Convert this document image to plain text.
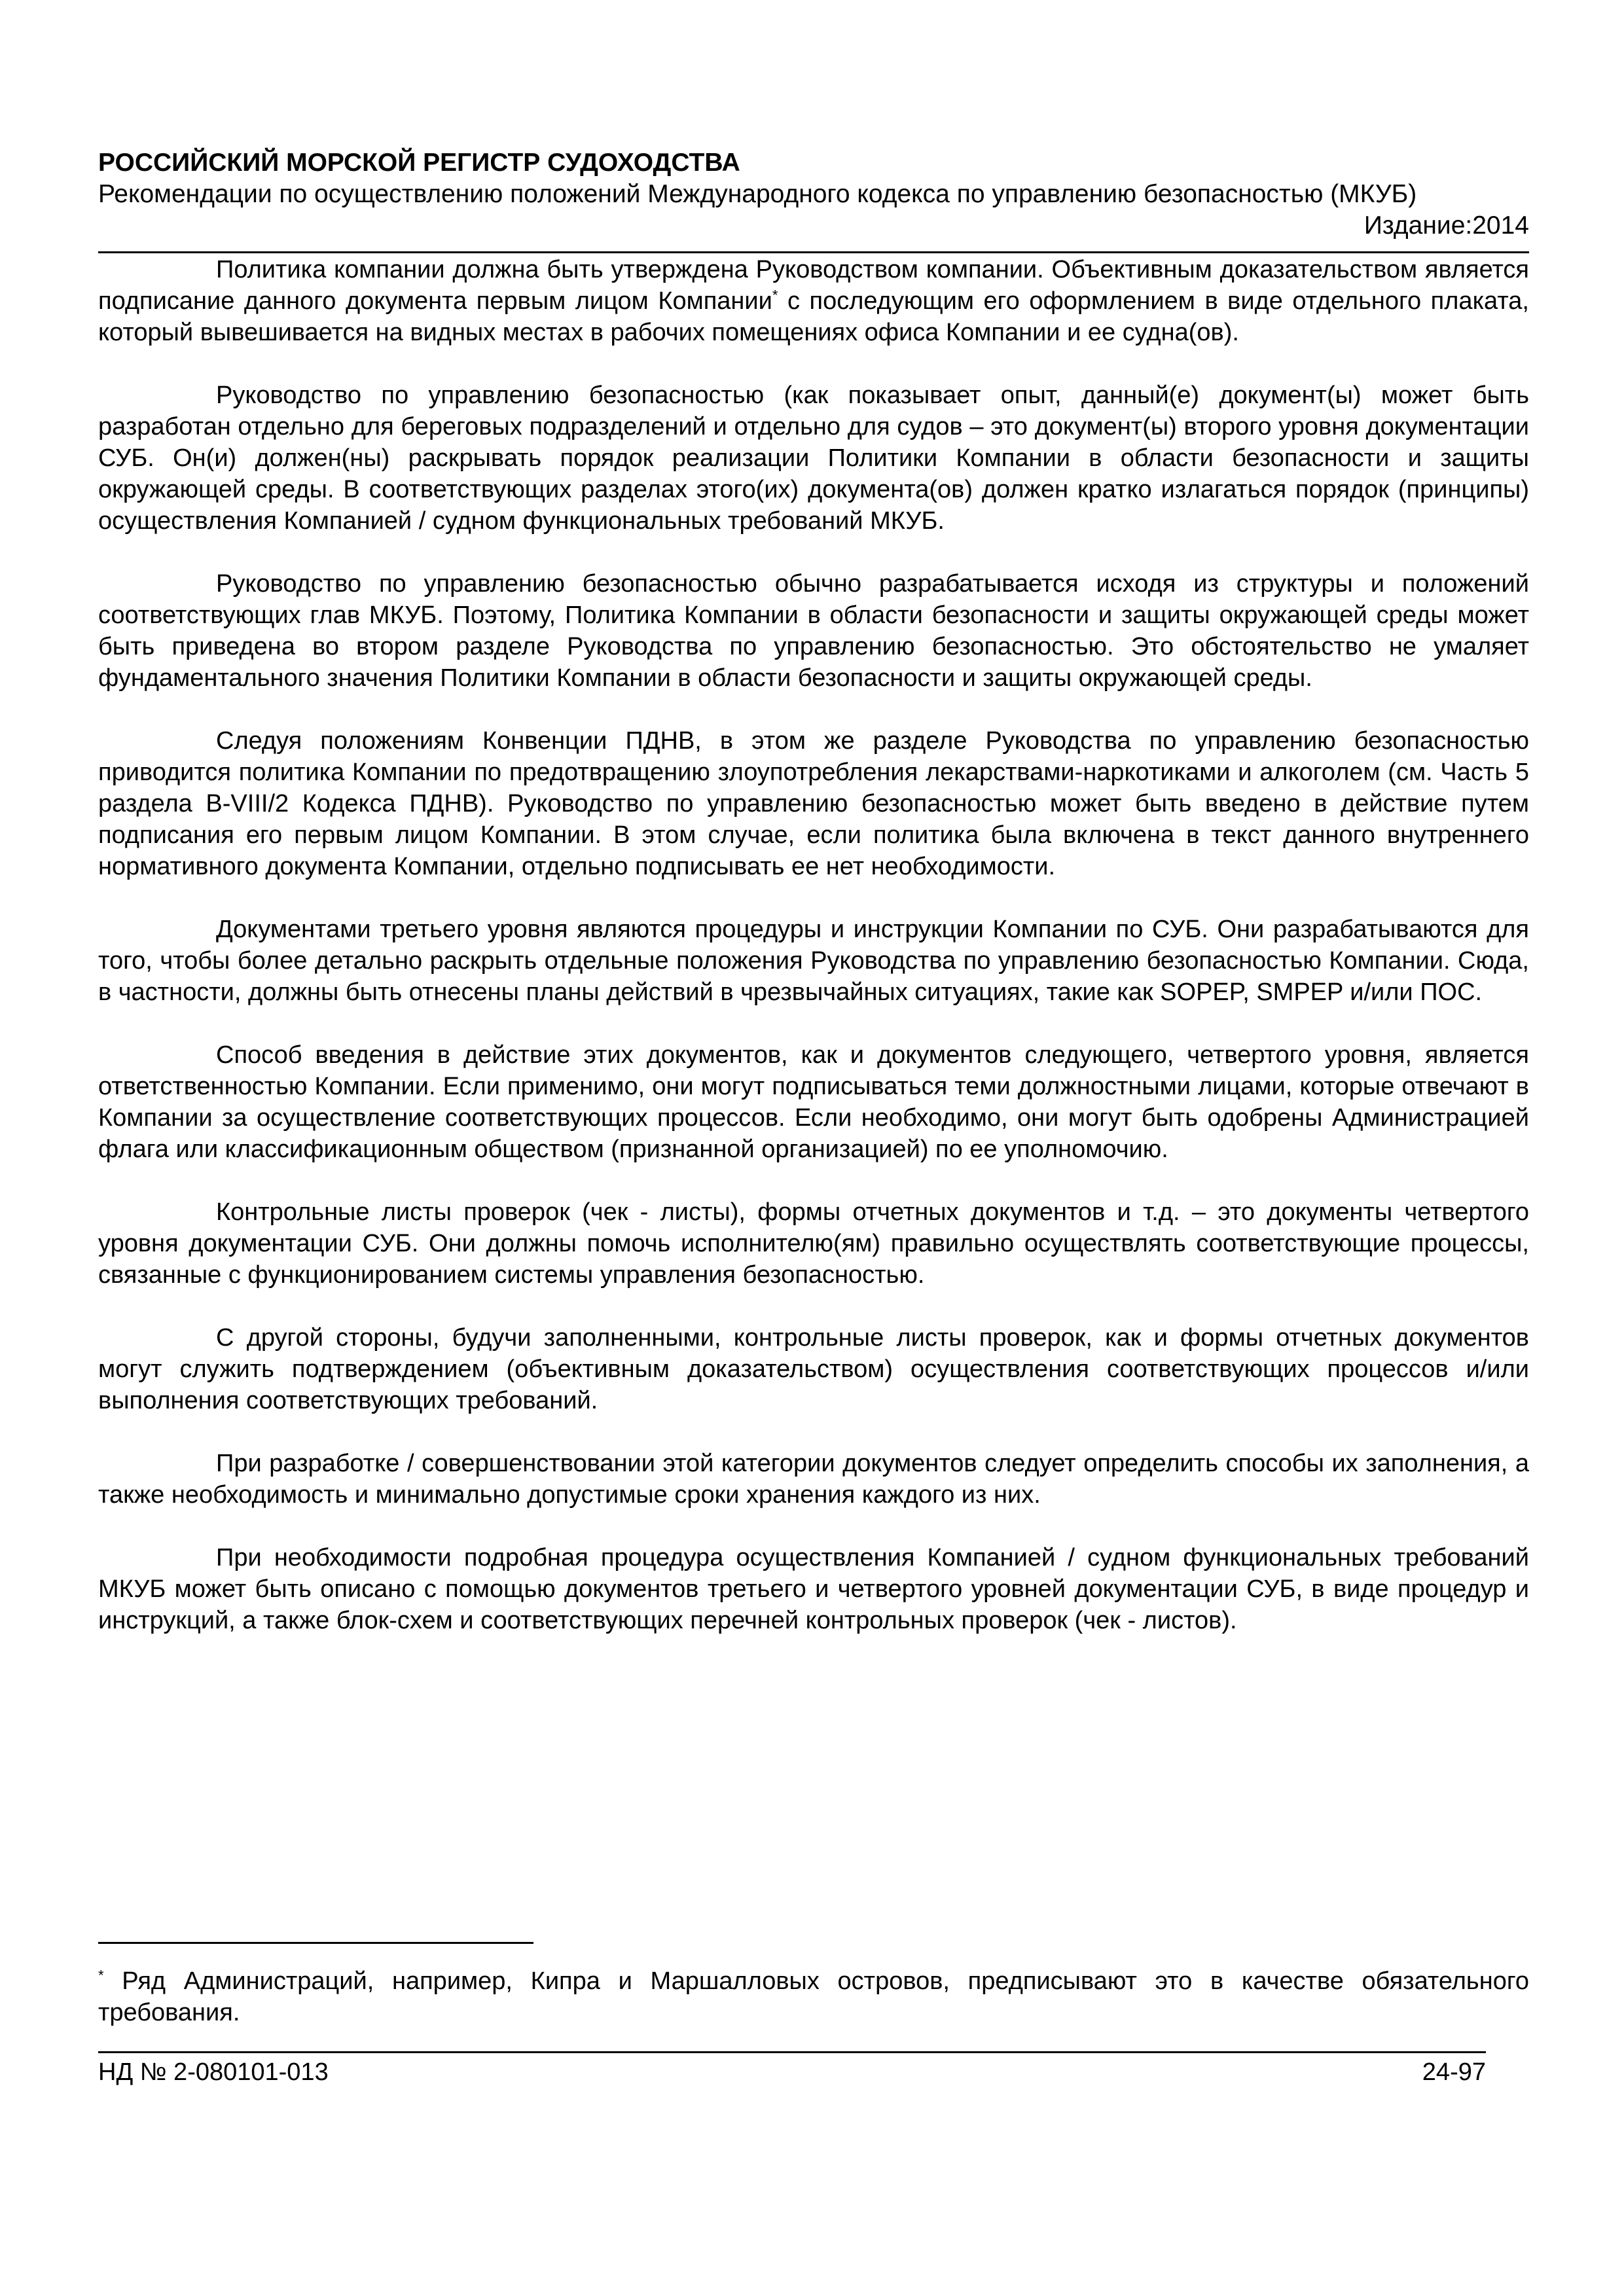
РОССИЙСКИЙ МОРСКОЙ РЕГИСТР СУДОХОДСТВА

Рекомендации по осуществлению положений Международного кодекса по управлению безопасностью (МКУБ)

Издание:2014

Политика компании должна быть утверждена Руководством компании. Объективным доказательством является подписание данного документа первым лицом Компании* с последующим его оформлением в виде отдельного плаката, который вывешивается на видных местах в рабочих помещениях офиса Компании и ее судна(ов).

Руководство по управлению безопасностью (как показывает опыт, данный(е) документ(ы) может быть разработан отдельно для береговых подразделений и отдельно для судов – это документ(ы) второго уровня документации СУБ. Он(и) должен(ны) раскрывать порядок реализации Политики Компании в области безопасности и защиты окружающей среды. В соответствующих разделах этого(их) документа(ов) должен кратко излагаться порядок (принципы) осуществления Компанией / судном функциональных требований МКУБ.

Руководство по управлению безопасностью обычно разрабатывается исходя из структуры и положений соответствующих глав МКУБ. Поэтому, Политика Компании в области безопасности и защиты окружающей среды может быть приведена во втором разделе Руководства по управлению безопасностью. Это обстоятельство не умаляет фундаментального значения Политики Компании в области безопасности и защиты окружающей среды.

Следуя положениям Конвенции ПДНВ, в этом же разделе Руководства по управлению безопасностью приводится политика Компании по предотвращению злоупотребления лекарствами-наркотиками и алкоголем (см. Часть 5 раздела B-VIII/2 Кодекса ПДНВ). Руководство по управлению безопасностью может быть введено в действие путем подписания его первым лицом Компании. В этом случае, если политика была включена в текст данного внутреннего нормативного документа Компании, отдельно подписывать ее нет необходимости.

Документами третьего уровня являются процедуры и инструкции Компании по СУБ. Они разрабатываются для того, чтобы более детально раскрыть отдельные положения Руководства по управлению безопасностью Компании. Сюда, в частности, должны быть отнесены планы действий в чрезвычайных ситуациях, такие как SOPEP, SMPEP и/или ПОС.

Способ введения в действие этих документов, как и документов следующего, четвертого уровня, является ответственностью Компании. Если применимо, они могут подписываться теми должностными лицами, которые отвечают в Компании за осуществление соответствующих процессов. Если необходимо, они могут быть одобрены Администрацией флага или классификационным обществом (признанной организацией) по ее уполномочию.

Контрольные листы проверок (чек - листы), формы отчетных документов и т.д. – это документы четвертого уровня документации СУБ. Они должны помочь исполнителю(ям) правильно осуществлять соответствующие процессы, связанные с функционированием системы управления безопасностью.

С другой стороны, будучи заполненными, контрольные листы проверок, как и формы отчетных документов могут служить подтверждением (объективным доказательством) осуществления соответствующих процессов и/или выполнения соответствующих требований.

При разработке / совершенствовании этой категории документов следует определить способы их заполнения, а также необходимость и минимально допустимые сроки хранения каждого из них.

При необходимости подробная процедура осуществления Компанией / судном функциональных требований МКУБ может быть описано с помощью документов третьего и четвертого уровней документации СУБ, в виде процедур и инструкций, а также блок-схем и соответствующих перечней контрольных проверок (чек - листов).

* Ряд Администраций, например, Кипра и Маршалловых островов, предписывают это в качестве обязательного требования.

НД № 2-080101-013	24-97
